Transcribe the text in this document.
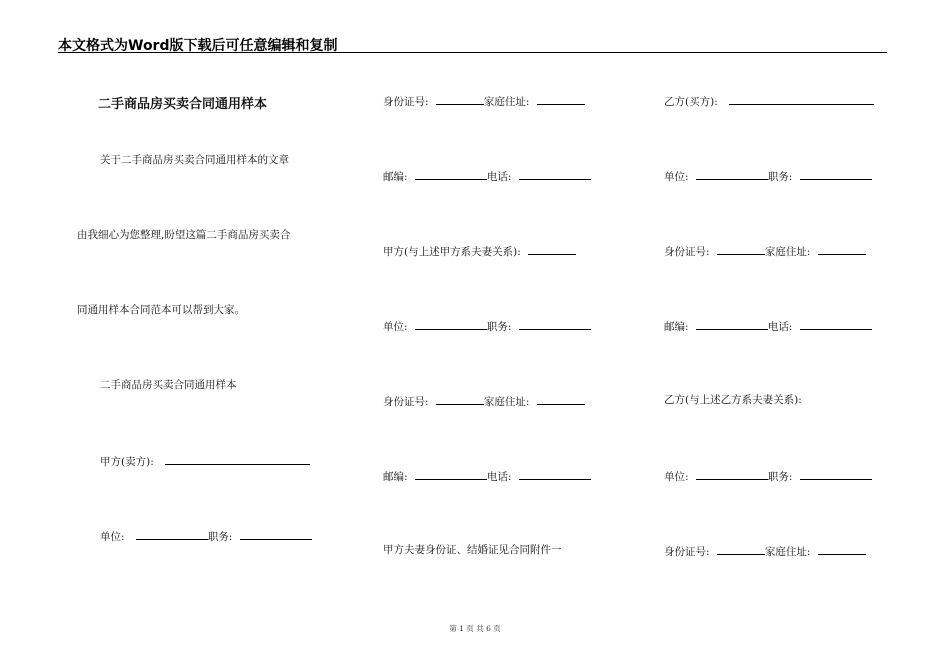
本文格式为Word版下载后可任意编辑和复制
二手商品房买卖合同通用样本
关于二手商品房买卖合同通用样本的文章
由我细心为您整理,盼望这篇二手商品房买卖合
同通用样本合同范本可以帮到大家。
二手商品房买卖合同通用样本
甲方(卖方):
单位:	职务:
身份证号:	家庭住址:
邮编:	电话:
甲方(与上述甲方系夫妻关系):
单位:	职务:
身份证号:	家庭住址:
邮编:	电话:
甲方夫妻身份证、结婚证见合同附件一
乙方(买方):
单位:	职务:
身份证号:	家庭住址:
邮编:	电话:
乙方(与上述乙方系夫妻关系):
单位:	职务:
身份证号:	家庭住址:
第 1 页 共 6 页
